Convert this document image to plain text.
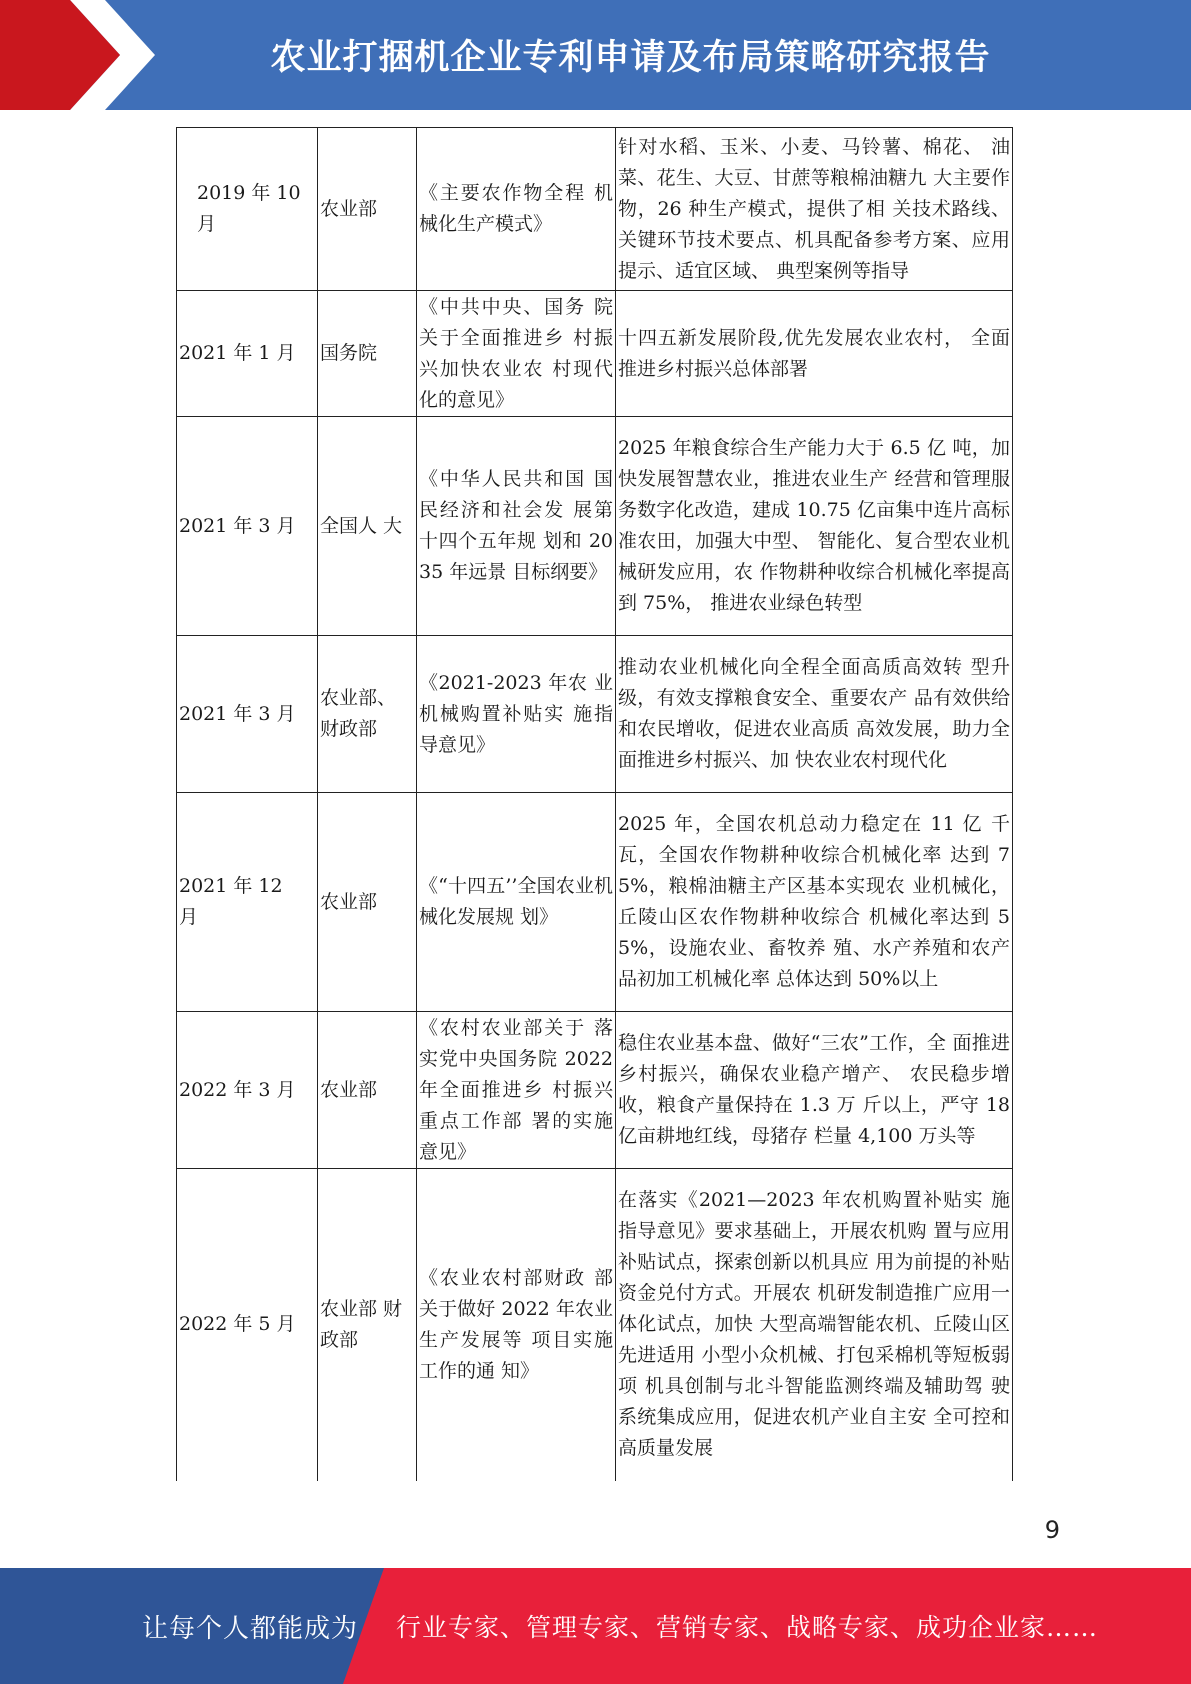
农业打捆机企业专利申请及布局策略研究报告
2019 年 10 月	农业部	《主要农作物全程 机械化生产模式》	针对水稻、玉米、小麦、马铃薯、棉花、 油菜、花生、大豆、甘蔗等粮棉油糖九 大主要作物，26 种生产模式，提供了相 关技术路线、关键环节技术要点、机具配备参考方案、应用提示、适宜区域、 典型案例等指导
2021 年 1 月	国务院	《中共中央、国务 院关于全面推进乡 村振兴加快农业农 村现代化的意见》	十四五新发展阶段,优先发展农业农村， 全面推进乡村振兴总体部署
2021 年 3 月	全国人 大	《中华人民共和国 国民经济和社会发 展第十四个五年规 划和 2035 年远景 目标纲要》	2025 年粮食综合生产能力大于 6.5 亿 吨，加快发展智慧农业，推进农业生产 经营和管理服务数字化改造，建成 10.75 亿亩集中连片高标准农田，加强大中型、 智能化、复合型农业机械研发应用，农 作物耕种收综合机械化率提高到 75%， 推进农业绿色转型
2021 年 3 月	农业部、财政部	《2021-2023 年农 业机械购置补贴实 施指导意见》	推动农业机械化向全程全面高质高效转 型升级，有效支撑粮食安全、重要农产 品有效供给和农民增收，促进农业高质 高效发展，助力全面推进乡村振兴、加 快农业农村现代化
2021 年 12 月	农业部	《“十四五’’全国农业机械化发展规 划》	2025 年，全国农机总动力稳定在 11 亿 千瓦，全国农作物耕种收综合机械化率 达到 75%，粮棉油糖主产区基本实现农 业机械化，丘陵山区农作物耕种收综合 机械化率达到 55%，设施农业、畜牧养 殖、水产养殖和农产品初加工机械化率 总体达到 50%以上
2022 年 3 月	农业部	《农村农业部关于 落实党中央国务院 2022 年全面推进乡 村振兴重点工作部 署的实施意见》	稳住农业基本盘、做好“三农”工作，全 面推进乡村振兴，确保农业稳产增产、 农民稳步增收，粮食产量保持在 1.3 万 斤以上，严守 18 亿亩耕地红线，母猪存 栏量 4,100 万头等
2022 年 5 月	农业部 财政部	《农业农村部财政 部关于做好 2022 年农业生产发展等 项目实施工作的通 知》	在落实《2021—2023 年农机购置补贴实 施指导意见》要求基础上，开展农机购 置与应用补贴试点，探索创新以机具应 用为前提的补贴资金兑付方式。开展农 机研发制造推广应用一体化试点，加快 大型高端智能农机、丘陵山区先进适用 小型小众机械、打包采棉机等短板弱项 机具创制与北斗智能监测终端及辅助驾 驶系统集成应用，促进农机产业自主安 全可控和高质量发展
9
让每个人都能成为 行业专家、管理专家、营销专家、战略专家、成功企业家……
